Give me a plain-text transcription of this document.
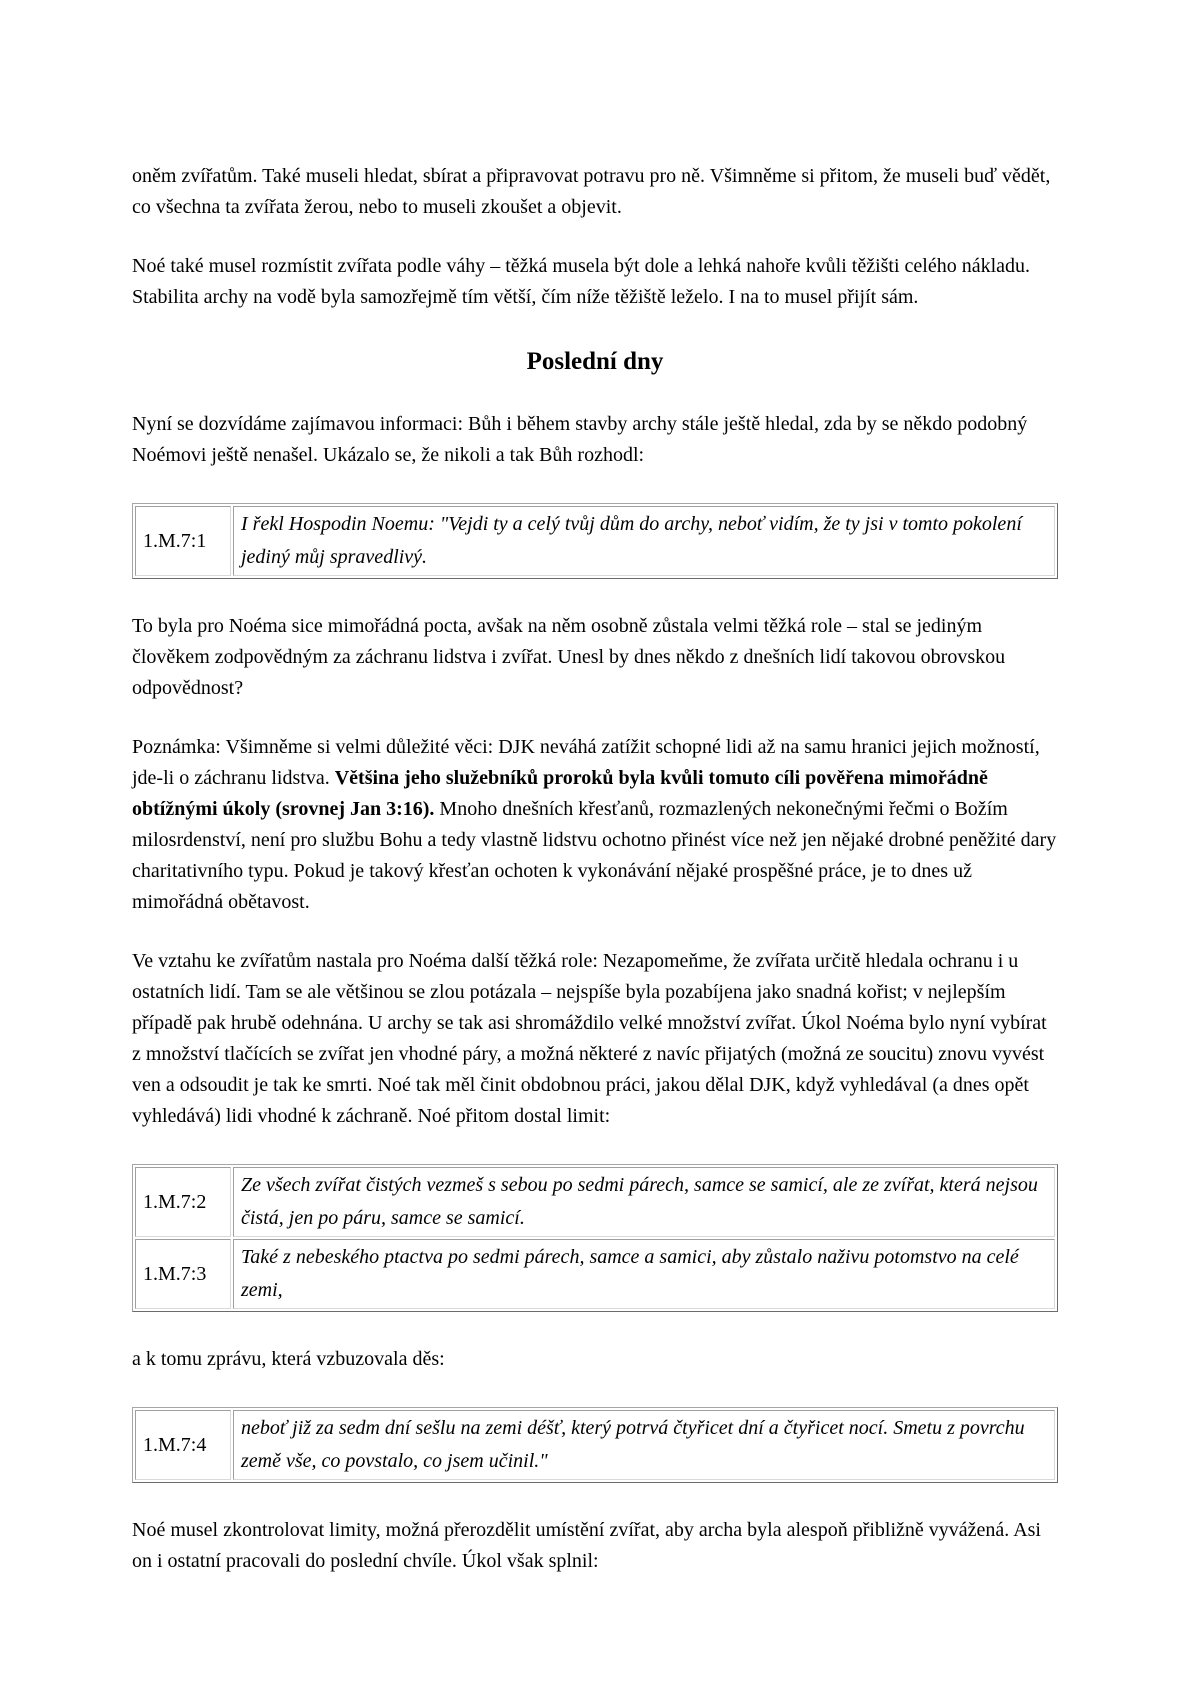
oněm zvířatům. Také museli hledat, sbírat a připravovat potravu pro ně. Všimněme si přitom, že museli buď vědět, co všechna ta zvířata žerou, nebo to museli zkoušet a objevit.

Noé také musel rozmístit zvířata podle váhy – těžká musela být dole a lehká nahoře kvůli těžišti celého nákladu. Stabilita archy na vodě byla samozřejmě tím větší, čím níže těžiště leželo. I na to musel přijít sám.

Poslední dny

Nyní se dozvídáme zajímavou informaci: Bůh i během stavby archy stále ještě hledal, zda by se někdo podobný Noémovi ještě nenašel. Ukázalo se, že nikoli a tak Bůh rozhodl:

1.M.7:1	I řekl Hospodin Noemu: "Vejdi ty a celý tvůj dům do archy, neboť vidím, že ty jsi v tomto pokolení jediný můj spravedlivý.

To byla pro Noéma sice mimořádná pocta, avšak na něm osobně zůstala velmi těžká role – stal se jediným člověkem zodpovědným za záchranu lidstva i zvířat. Unesl by dnes někdo z dnešních lidí takovou obrovskou odpovědnost?

Poznámka: Všimněme si velmi důležité věci: DJK neváhá zatížit schopné lidi až na samu hranici jejich možností, jde-li o záchranu lidstva. Většina jeho služebníků proroků byla kvůli tomuto cíli pověřena mimořádně obtížnými úkoly (srovnej Jan 3:16). Mnoho dnešních křesťanů, rozmazlených nekonečnými řečmi o Božím milosrdenství, není pro službu Bohu a tedy vlastně lidstvu ochotno přinést více než jen nějaké drobné peněžité dary charitativního typu. Pokud je takový křesťan ochoten k vykonávání nějaké prospěšné práce, je to dnes už mimořádná obětavost.

Ve vztahu ke zvířatům nastala pro Noéma další těžká role: Nezapomeňme, že zvířata určitě hledala ochranu i u ostatních lidí. Tam se ale většinou se zlou potázala – nejspíše byla pozabíjena jako snadná kořist; v nejlepším případě pak hrubě odehnána. U archy se tak asi shromáždilo velké množství zvířat. Úkol Noéma bylo nyní vybírat z množství tlačících se zvířat jen vhodné páry, a možná některé z navíc přijatých (možná ze soucitu) znovu vyvést ven a odsoudit je tak ke smrti. Noé tak měl činit obdobnou práci, jakou dělal DJK, když vyhledával (a dnes opět vyhledává) lidi vhodné k záchraně. Noé přitom dostal limit:

1.M.7:2	Ze všech zvířat čistých vezmeš s sebou po sedmi párech, samce se samicí, ale ze zvířat, která nejsou čistá, jen po páru, samce se samicí.
1.M.7:3	Také z nebeského ptactva po sedmi párech, samce a samici, aby zůstalo naživu potomstvo na celé zemi,

a k tomu zprávu, která vzbuzovala děs:

1.M.7:4	neboť již za sedm dní sešlu na zemi déšť, který potrvá čtyřicet dní a čtyřicet nocí. Smetu z povrchu země vše, co povstalo, co jsem učinil."

Noé musel zkontrolovat limity, možná přerozdělit umístění zvířat, aby archa byla alespoň přibližně vyvážená. Asi on i ostatní pracovali do poslední chvíle. Úkol však splnil:
